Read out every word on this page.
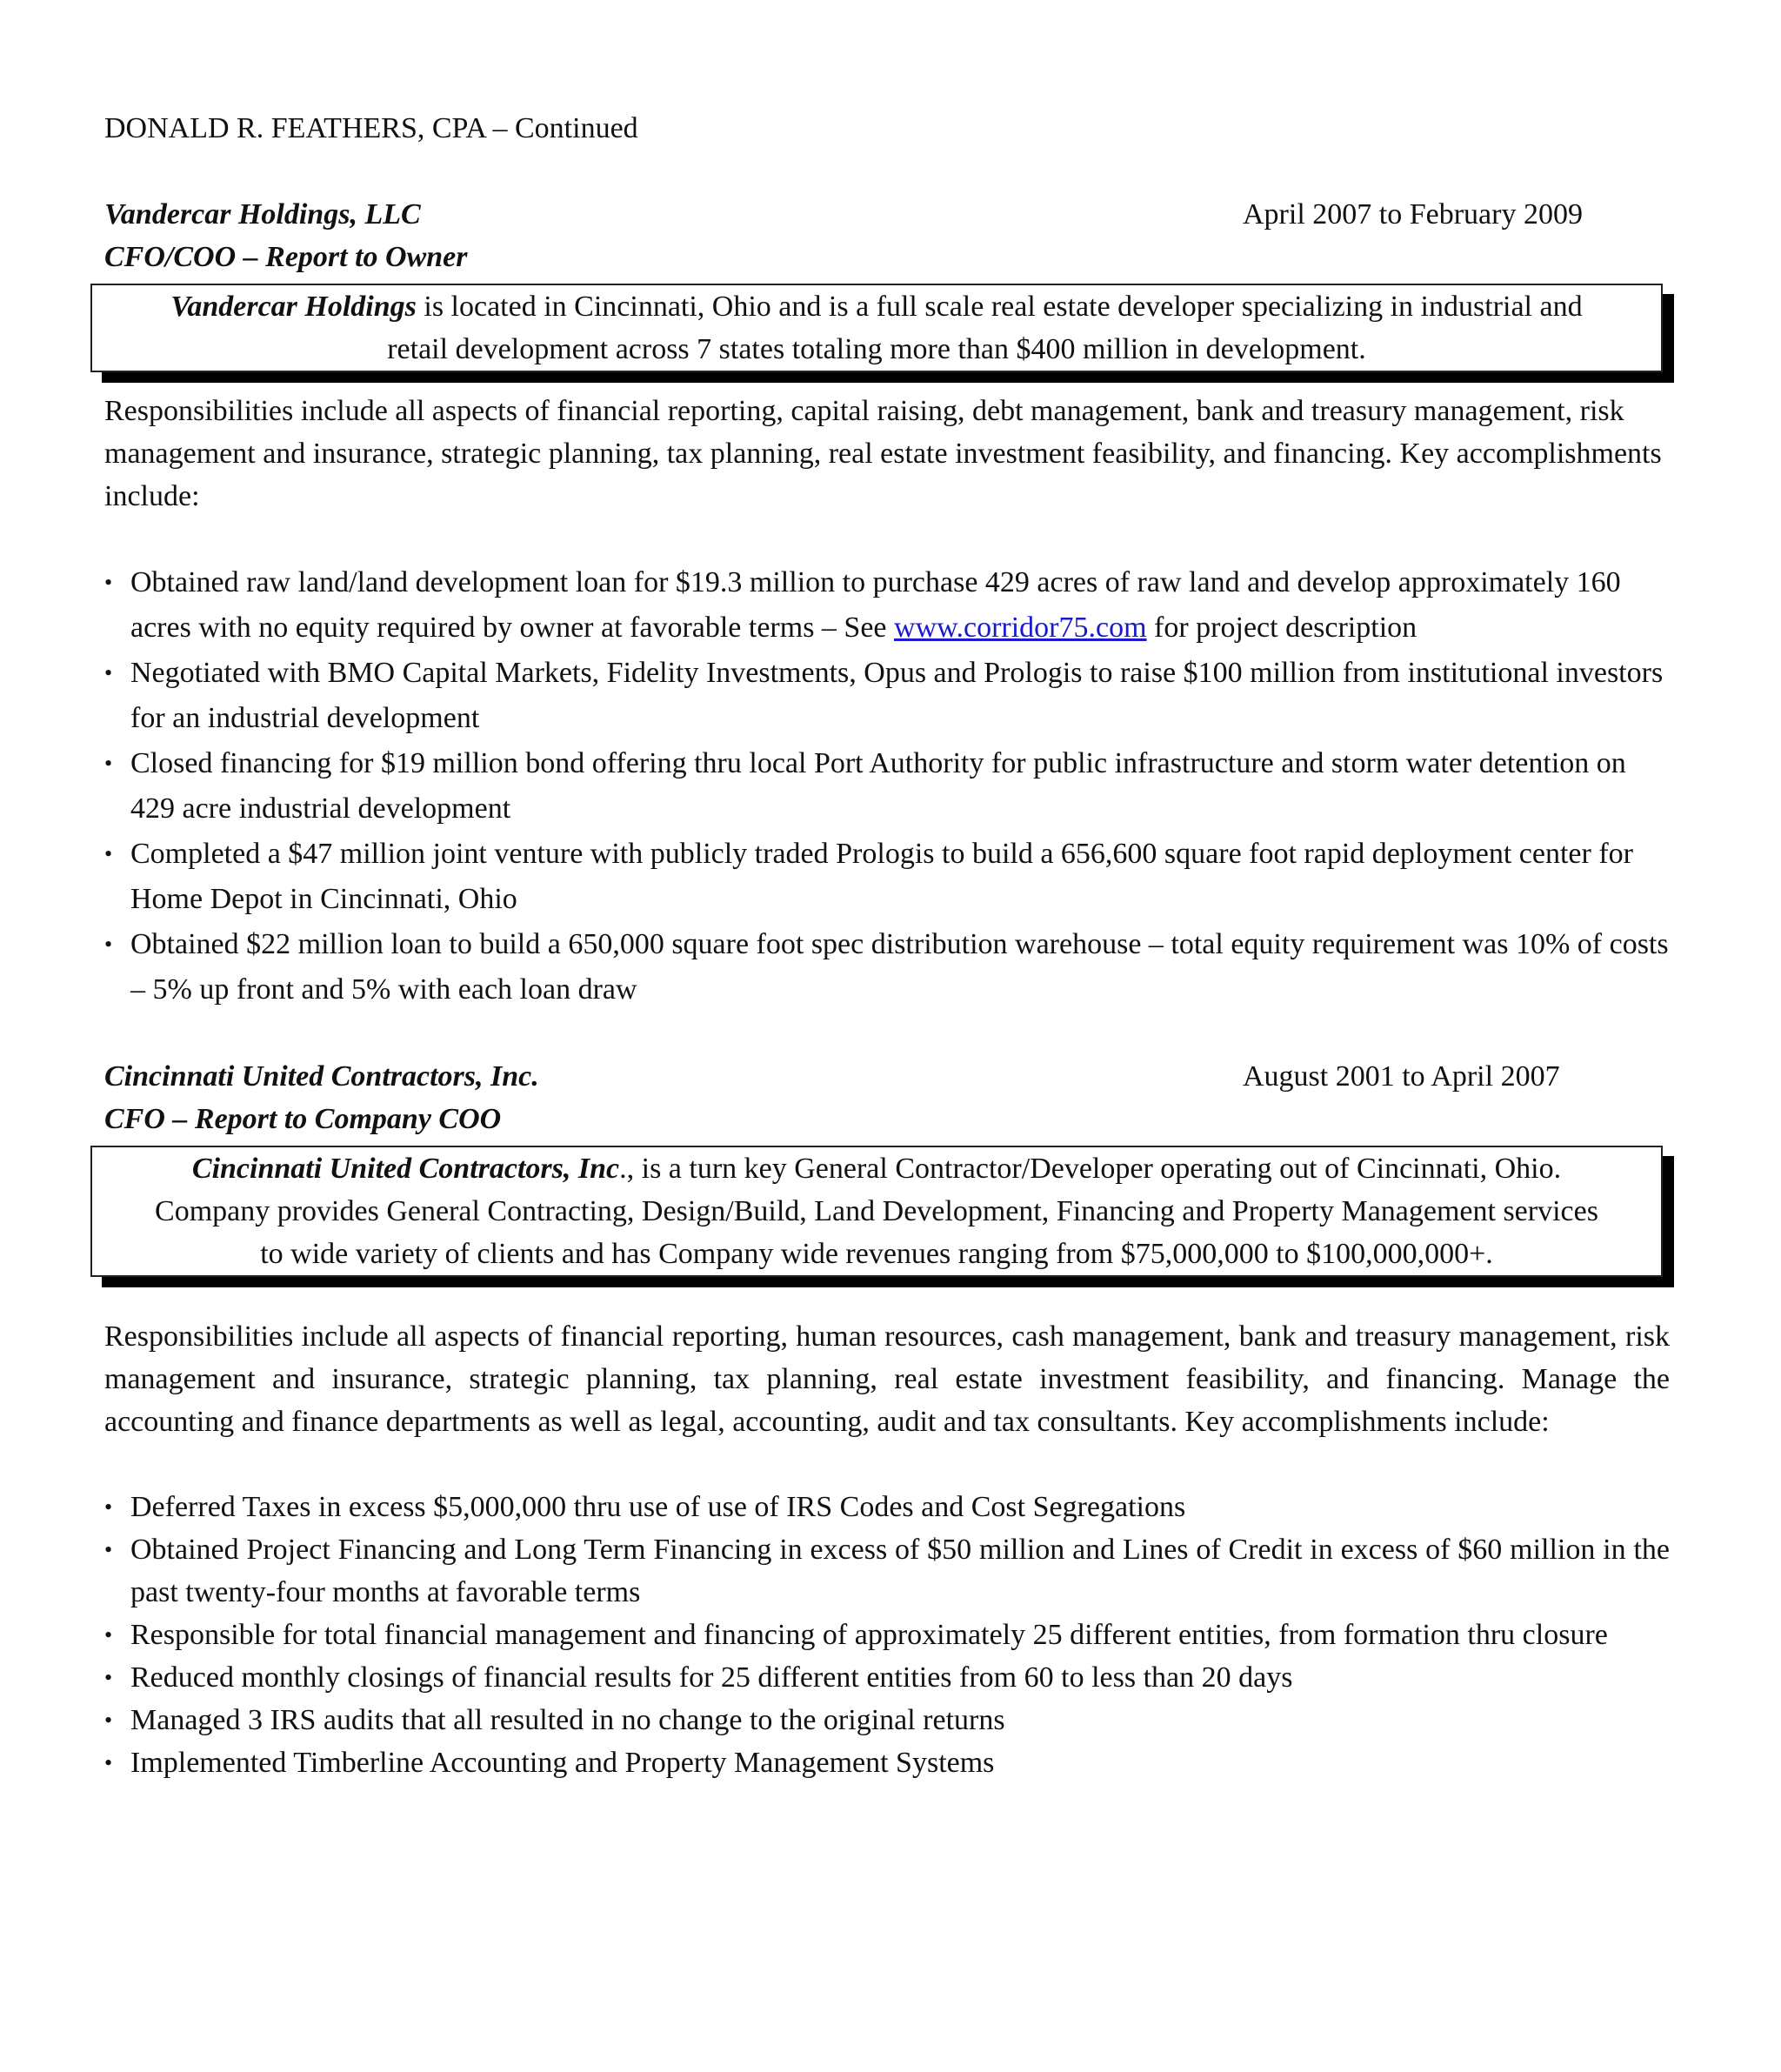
DONALD R. FEATHERS, CPA – Continued
Vandercar Holdings, LLC	April 2007 to February 2009
CFO/COO – Report to Owner
Vandercar Holdings is located in Cincinnati, Ohio and is a full scale real estate developer specializing in industrial and
retail development across 7 states totaling more than $400 million in development.

Responsibilities include all aspects of financial reporting, capital raising, debt management, bank and treasury management, risk management and insurance, strategic planning, tax planning, real estate investment feasibility, and financing. Key accomplishments include:

• Obtained raw land/land development loan for $19.3 million to purchase 429 acres of raw land and develop approximately 160 acres with no equity required by owner at favorable terms – See www.corridor75.com for project description
• Negotiated with BMO Capital Markets, Fidelity Investments, Opus and Prologis to raise $100 million from institutional investors for an industrial development
• Closed financing for $19 million bond offering thru local Port Authority for public infrastructure and storm water detention on 429 acre industrial development
• Completed a $47 million joint venture with publicly traded Prologis to build a 656,600 square foot rapid deployment center for Home Depot in Cincinnati, Ohio
• Obtained $22 million loan to build a 650,000 square foot spec distribution warehouse – total equity requirement was 10% of costs – 5% up front and 5% with each loan draw
Cincinnati United Contractors, Inc.	August 2001 to April 2007
CFO – Report to Company COO
Cincinnati United Contractors, Inc., is a turn key General Contractor/Developer operating out of Cincinnati, Ohio.
Company provides General Contracting, Design/Build, Land Development, Financing and Property Management services
to wide variety of clients and has Company wide revenues ranging from $75,000,000 to $100,000,000+.

Responsibilities include all aspects of financial reporting, human resources, cash management, bank and treasury management, risk management and insurance, strategic planning, tax planning, real estate investment feasibility, and financing. Manage the accounting and finance departments as well as legal, accounting, audit and tax consultants. Key accomplishments include:

• Deferred Taxes in excess $5,000,000 thru use of use of IRS Codes and Cost Segregations
• Obtained Project Financing and Long Term Financing in excess of $50 million and Lines of Credit in excess of $60 million in the past twenty-four months at favorable terms
• Responsible for total financial management and financing of approximately 25 different entities, from formation thru closure
• Reduced monthly closings of financial results for 25 different entities from 60 to less than 20 days
• Managed 3 IRS audits that all resulted in no change to the original returns
• Implemented Timberline Accounting and Property Management Systems
